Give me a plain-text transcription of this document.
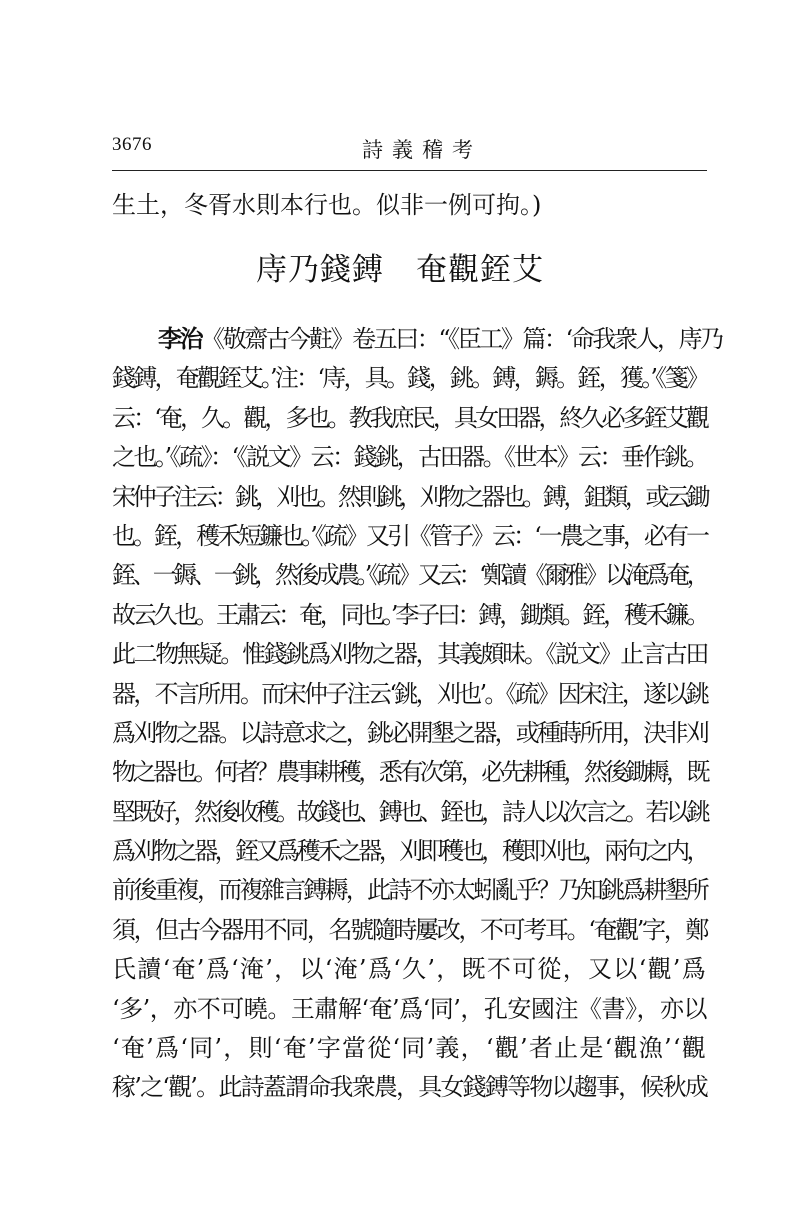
3676	詩義稽考
生土，冬胥水則本行也。似非一例可拘。)
庤乃錢鎛　奄觀銍艾
李治《敬齋古今黈》卷五曰：“《臣工》篇：‘命我衆人，庤乃
錢鎛，奄觀銍艾。’注：‘庤，具。錢，銚。鎛，鎒。銍，獲。’《箋》
云：‘奄，久。觀，多也。教我庶民，具女田器，終久必多銍艾觀
之也。’《疏》：‘《説文》云：錢銚，古田器。《世本》云：垂作銚。
宋仲子注云：銚，刈也。然則銚，刈物之器也。鎛，鉏類，或云鋤
也。銍，穫禾短鐮也。’《疏》又引《管子》云：‘一農之事，必有一
銍、一鎒、一銚，然後成農。’《疏》又云：‘鄭讀《爾雅》以淹爲奄，
故云久也。王肅云：奄，同也。’李子曰：鎛，鋤類。銍，穫禾鐮。
此二物無疑。惟錢銚爲刈物之器，其義頗昧。《説文》止言古田
器，不言所用。而宋仲子注云‘銚，刈也’。《疏》因宋注，遂以銚
爲刈物之器。以詩意求之，銚必開墾之器，或種蒔所用，決非刈
物之器也。何者？農事耕穫，悉有次第，必先耕種，然後鋤耨，既
堅既好，然後收穫。故錢也、鎛也、銍也，詩人以次言之。若以銚
爲刈物之器，銍又爲穫禾之器，刈即穫也，穫即刈也，兩句之内，
前後重複，而複雜言鎛耨，此詩不亦太蚓亂乎？乃知銚爲耕墾所
須，但古今器用不同，名號隨時屢改，不可考耳。‘奄觀’字，鄭
氏讀‘奄’爲‘淹’，以‘淹’爲‘久’，既不可從，又以‘觀’爲
‘多’，亦不可曉。王肅解‘奄’爲‘同’，孔安國注《書》，亦以
‘奄’爲‘同’，則‘奄’字當從‘同’義，‘觀’者止是‘觀漁’‘觀
稼’之‘觀’。此詩蓋謂命我衆農，具女錢鎛等物以趨事，候秋成
